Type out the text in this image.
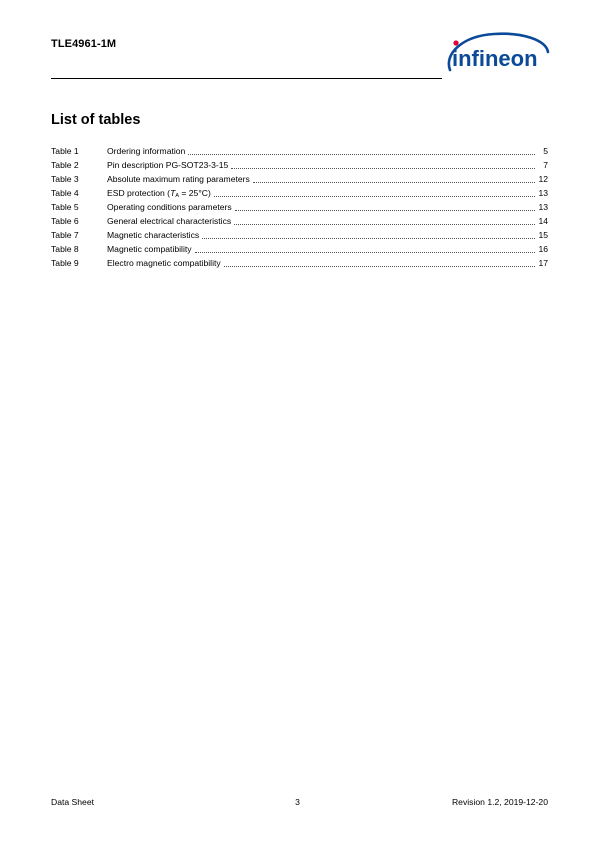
TLE4961-1M
infineon
List of tables
Table 1	Ordering information	5
Table 2	Pin description PG-SOT23-3-15	7
Table 3	Absolute maximum rating parameters	12
Table 4	ESD protection $(T_A = 25^\circ C)$	13
Table 5	Operating conditions parameters	13
Table 6	General electrical characteristics	14
Table 7	Magnetic characteristics	15
Table 8	Magnetic compatibility	16
Table 9	Electro magnetic compatibility	17
Data Sheet	3	Revision 1.2, 2019-12-20
